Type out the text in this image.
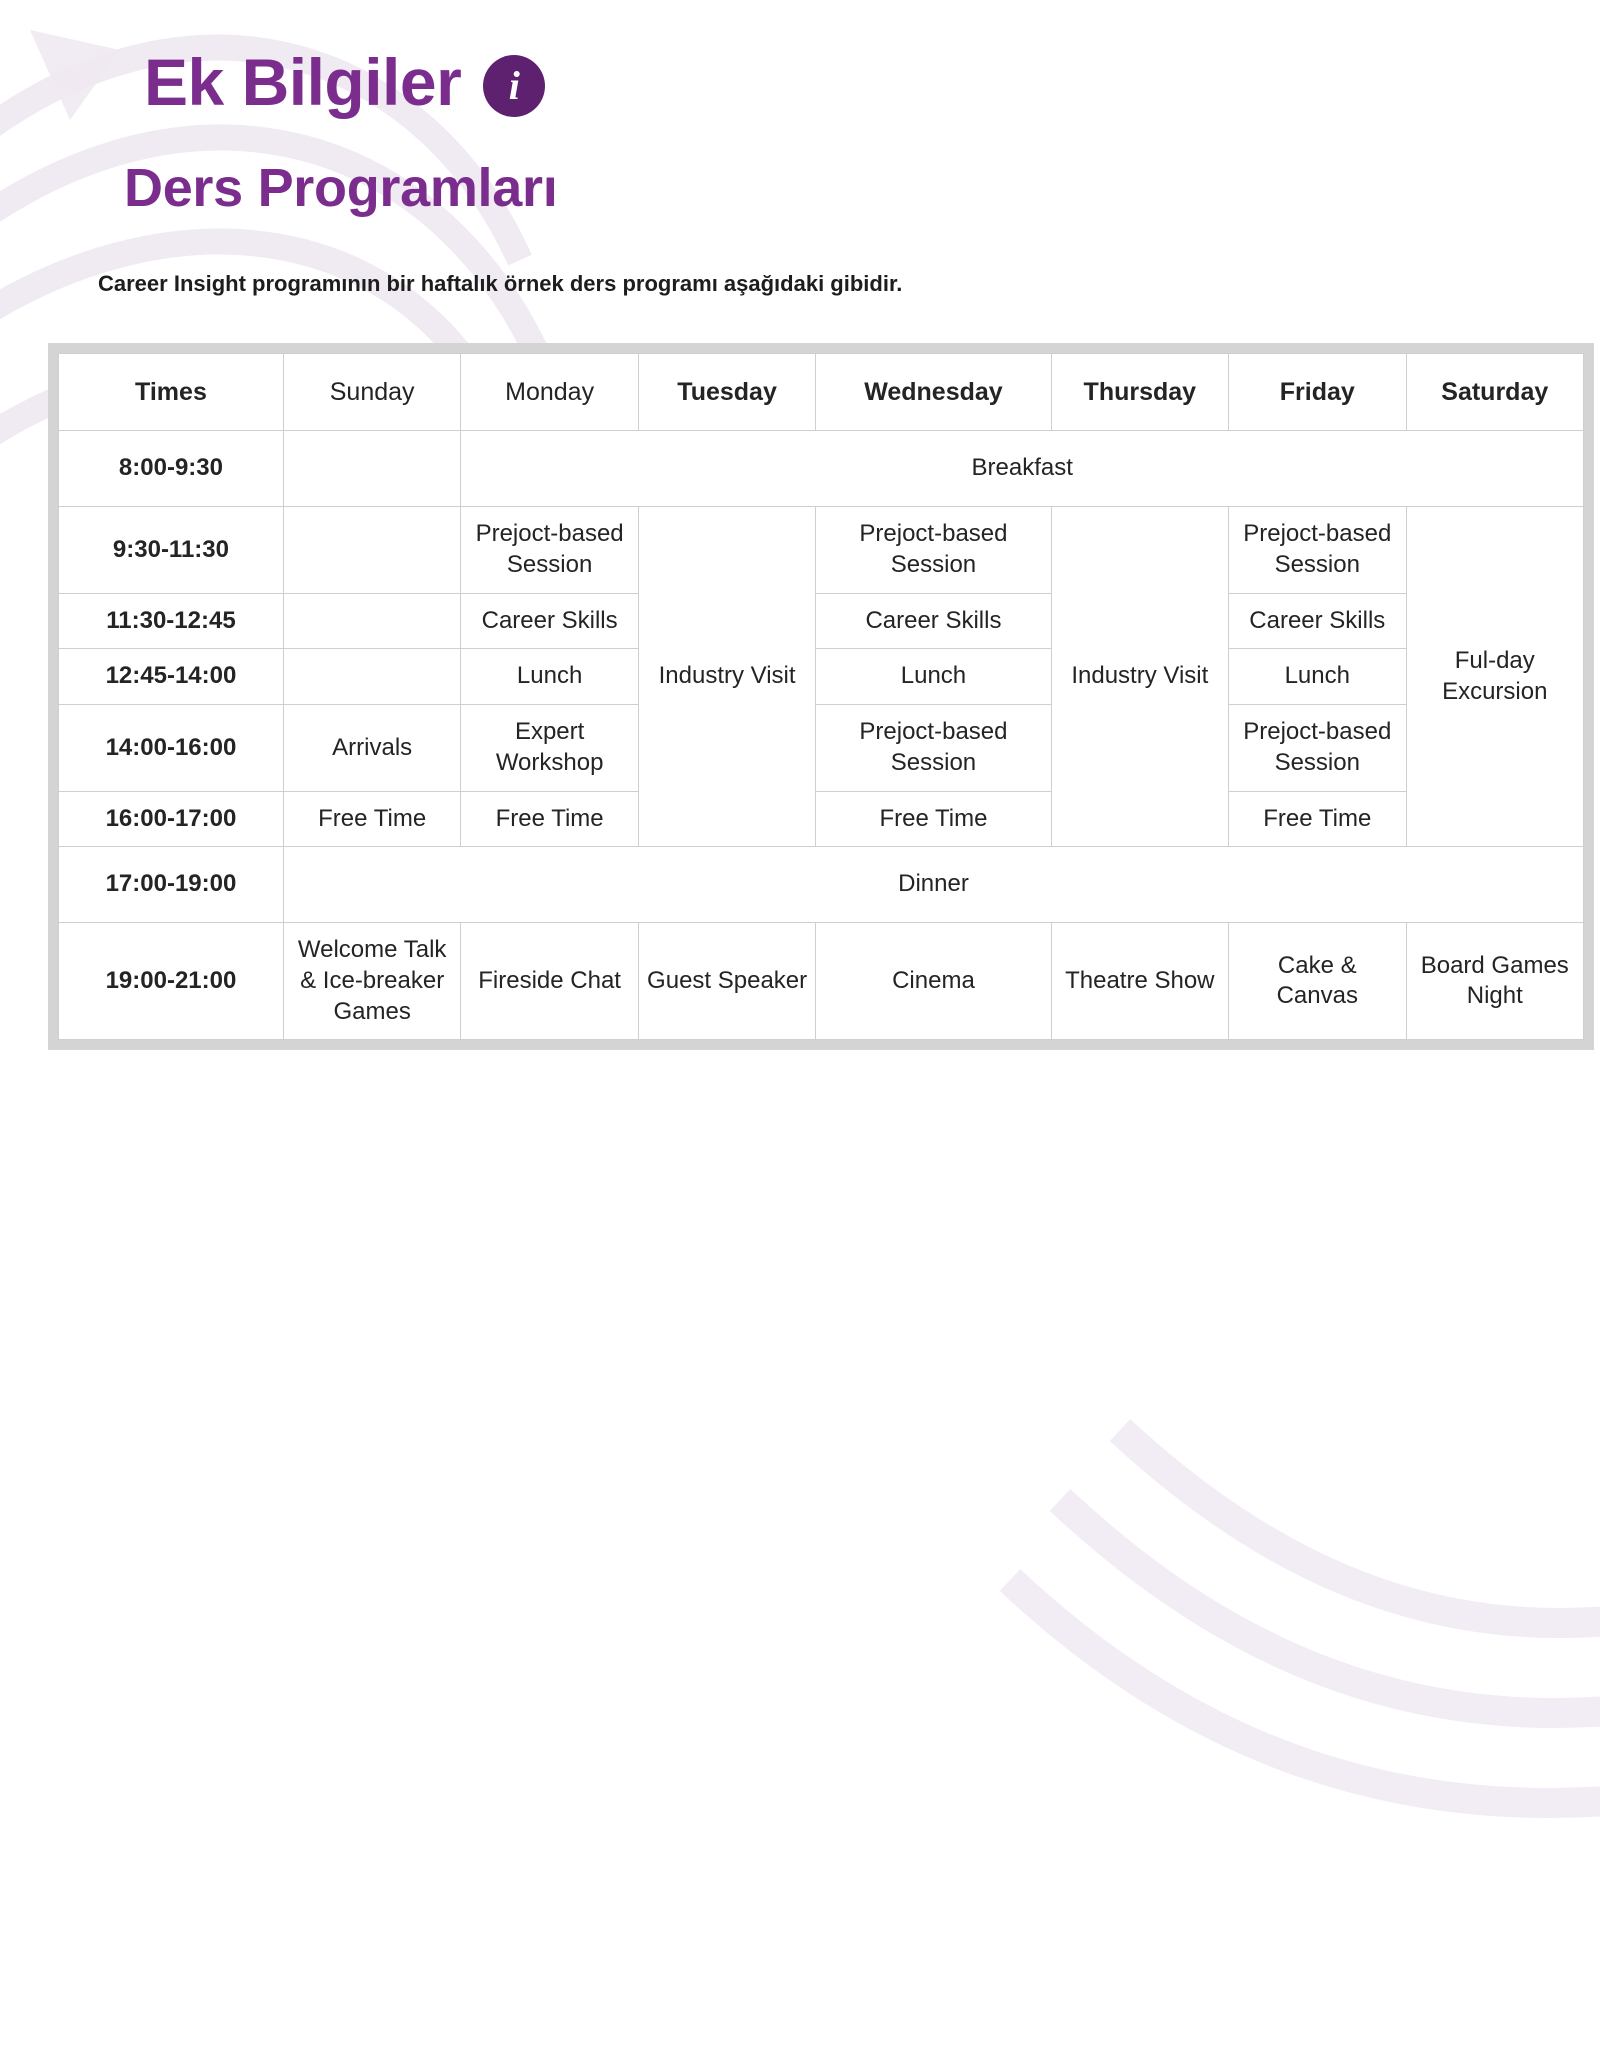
Ek Bilgiler i
Ders Programları
Career Insight programının bir haftalık örnek ders programı aşağıdaki gibidir.
Times	Sunday	Monday	Tuesday	Wednesday	Thursday	Friday	Saturday
8:00-9:30		Breakfast					
9:30-11:30		Prejoct-based Session	Industry Visit	Prejoct-based Session	Industry Visit	Prejoct-based Session	Ful-day Excursion
11:30-12:45		Career Skills		Career Skills		Career Skills	
12:45-14:00		Lunch		Lunch		Lunch	
14:00-16:00	Arrivals	Expert Workshop		Prejoct-based Session		Prejoct-based Session	
16:00-17:00	Free Time	Free Time		Free Time		Free Time	
17:00-19:00	Dinner						
19:00-21:00	Welcome Talk & Ice-breaker Games	Fireside Chat	Guest Speaker	Cinema	Theatre Show	Cake & Canvas	Board Games Night
